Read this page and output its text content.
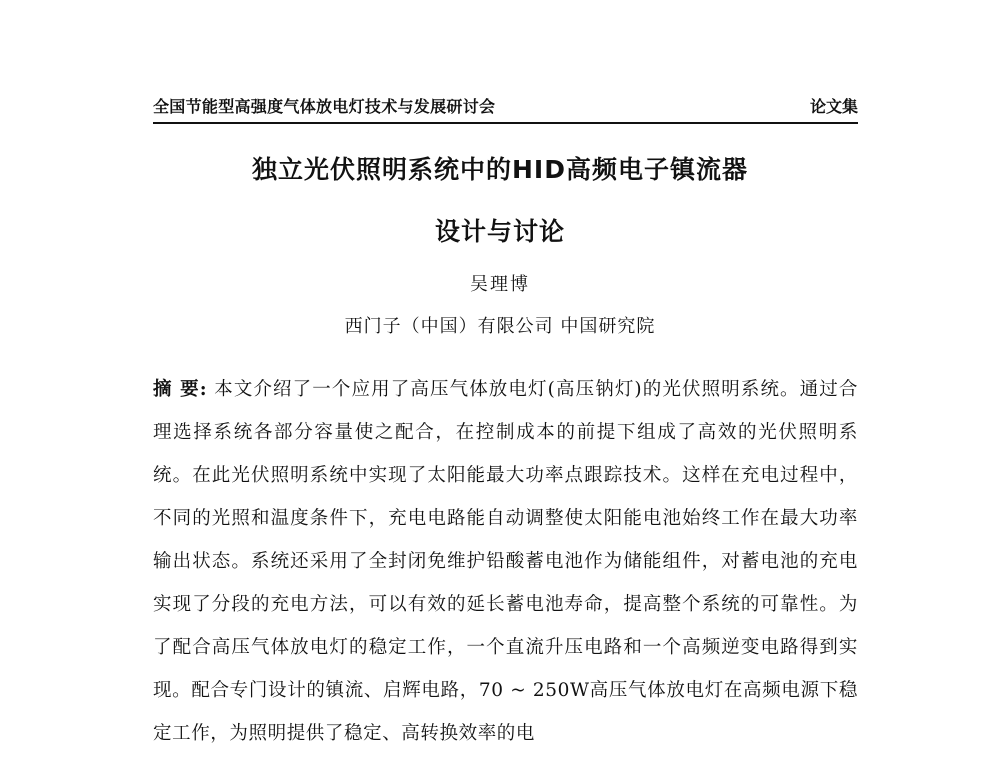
全国节能型高强度气体放电灯技术与发展研讨会	论文集
独立光伏照明系统中的HID高频电子镇流器
设计与讨论
吴理博
西门子（中国）有限公司 中国研究院
摘 要: 本文介绍了一个应用了高压气体放电灯(高压钠灯)的光伏照明系统。通过合理选择系统各部分容量使之配合，在控制成本的前提下组成了高效的光伏照明系统。在此光伏照明系统中实现了太阳能最大功率点跟踪技术。这样在充电过程中，不同的光照和温度条件下，充电电路能自动调整使太阳能电池始终工作在最大功率输出状态。系统还采用了全封闭免维护铅酸蓄电池作为储能组件，对蓄电池的充电实现了分段的充电方法，可以有效的延长蓄电池寿命，提高整个系统的可靠性。为了配合高压气体放电灯的稳定工作，一个直流升压电路和一个高频逆变电路得到实现。配合专门设计的镇流、启辉电路，70 ~ 250W高压气体放电灯在高频电源下稳定工作，为照明提供了稳定、高转换效率的电
